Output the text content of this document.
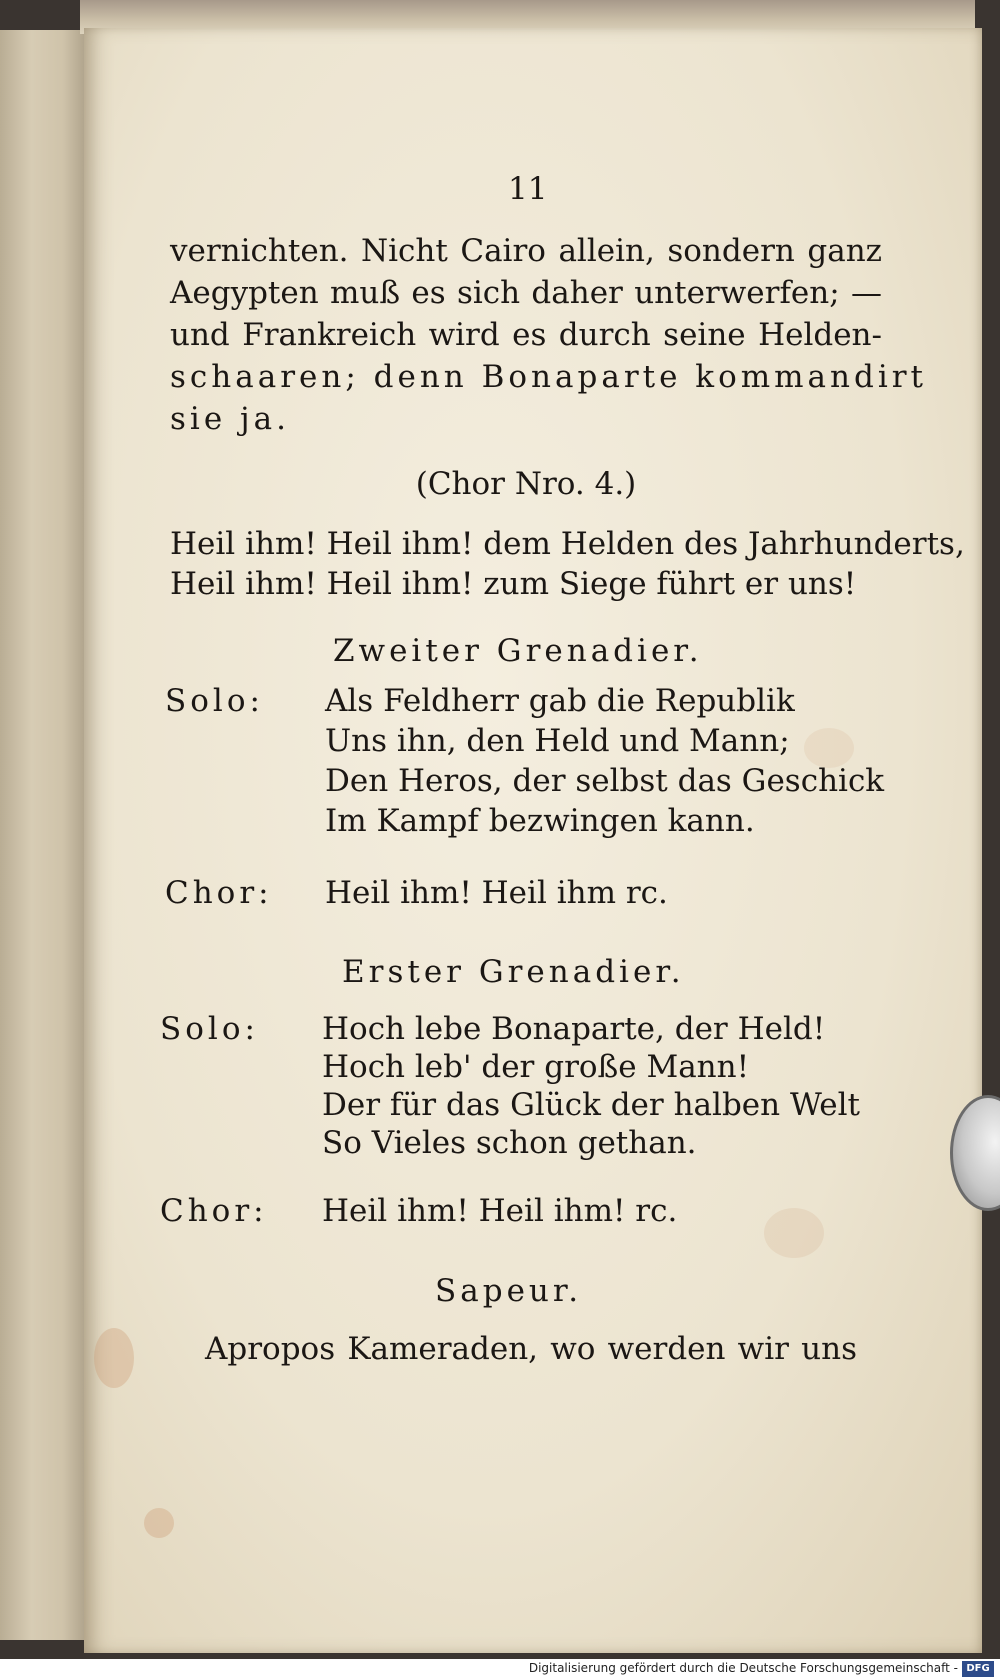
11

vernichten. Nicht Cairo allein, sondern ganz

Aegypten muß es sich daher unterwerfen; —

und Frankreich wird es durch seine Helden-

schaaren; denn Bonaparte kommandirt

sie ja.

(Chor Nro. 4.)

Heil ihm! Heil ihm! dem Helden des Jahrhunderts,

Heil ihm! Heil ihm! zum Siege führt er uns!

Zweiter Grenadier.

Solo: Als Feldherr gab die Republik

Uns ihn, den Held und Mann;

Den Heros, der selbst das Geschick

Im Kampf bezwingen kann.

Chor: Heil ihm! Heil ihm rc.

Erster Grenadier.

Solo: Hoch lebe Bonaparte, der Held!

Hoch leb' der große Mann!

Der für das Glück der halben Welt

So Vieles schon gethan.

Chor: Heil ihm! Heil ihm! rc.

Sapeur.

Apropos Kameraden, wo werden wir uns

Digitalisierung gefördert durch die Deutsche Forschungsgemeinschaft - DFG
